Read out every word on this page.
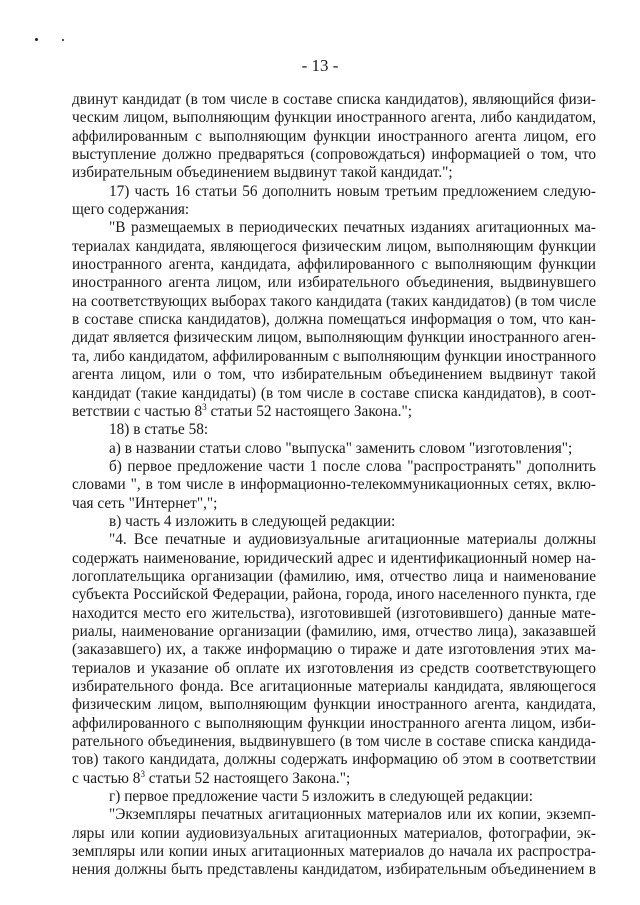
- 13 -
двинут кандидат (в том числе в составе списка кандидатов), являющийся физи-
ческим лицом, выполняющим функции иностранного агента, либо кандидатом,
аффилированным с выполняющим функции иностранного агента лицом, его
выступление должно предваряться (сопровождаться) информацией о том, что
избирательным объединением выдвинут такой кандидат.";
17) часть 16 статьи 56 дополнить новым третьим предложением следую-
щего содержания:
"В размещаемых в периодических печатных изданиях агитационных ма-
териалах кандидата, являющегося физическим лицом, выполняющим функции
иностранного агента, кандидата, аффилированного с выполняющим функции
иностранного агента лицом, или избирательного объединения, выдвинувшего
на соответствующих выборах такого кандидата (таких кандидатов) (в том числе
в составе списка кандидатов), должна помещаться информация о том, что кан-
дидат является физическим лицом, выполняющим функции иностранного аген-
та, либо кандидатом, аффилированным с выполняющим функции иностранного
агента лицом, или о том, что избирательным объединением выдвинут такой
кандидат (такие кандидаты) (в том числе в составе списка кандидатов), в соот-
ветствии с частью $8^3$ статьи 52 настоящего Закона.";
18) в статье 58:
а) в названии статьи слово "выпуска" заменить словом "изготовления";
б) первое предложение части 1 после слова "распространять" дополнить
словами ", в том числе в информационно-телекоммуникационных сетях, вклю-
чая сеть "Интернет",";
в) часть 4 изложить в следующей редакции:
"4. Все печатные и аудиовизуальные агитационные материалы должны
содержать наименование, юридический адрес и идентификационный номер на-
логоплательщика организации (фамилию, имя, отчество лица и наименование
субъекта Российской Федерации, района, города, иного населенного пункта, где
находится место его жительства), изготовившей (изготовившего) данные мате-
риалы, наименование организации (фамилию, имя, отчество лица), заказавшей
(заказавшего) их, а также информацию о тираже и дате изготовления этих ма-
териалов и указание об оплате их изготовления из средств соответствующего
избирательного фонда. Все агитационные материалы кандидата, являющегося
физическим лицом, выполняющим функции иностранного агента, кандидата,
аффилированного с выполняющим функции иностранного агента лицом, изби-
рательного объединения, выдвинувшего (в том числе в составе списка кандида-
тов) такого кандидата, должны содержать информацию об этом в соответствии
с частью $8^3$ статьи 52 настоящего Закона.";
г) первое предложение части 5 изложить в следующей редакции:
"Экземпляры печатных агитационных материалов или их копии, экземп-
ляры или копии аудиовизуальных агитационных материалов, фотографии, эк-
земпляры или копии иных агитационных материалов до начала их распростра-
нения должны быть представлены кандидатом, избирательным объединением в
